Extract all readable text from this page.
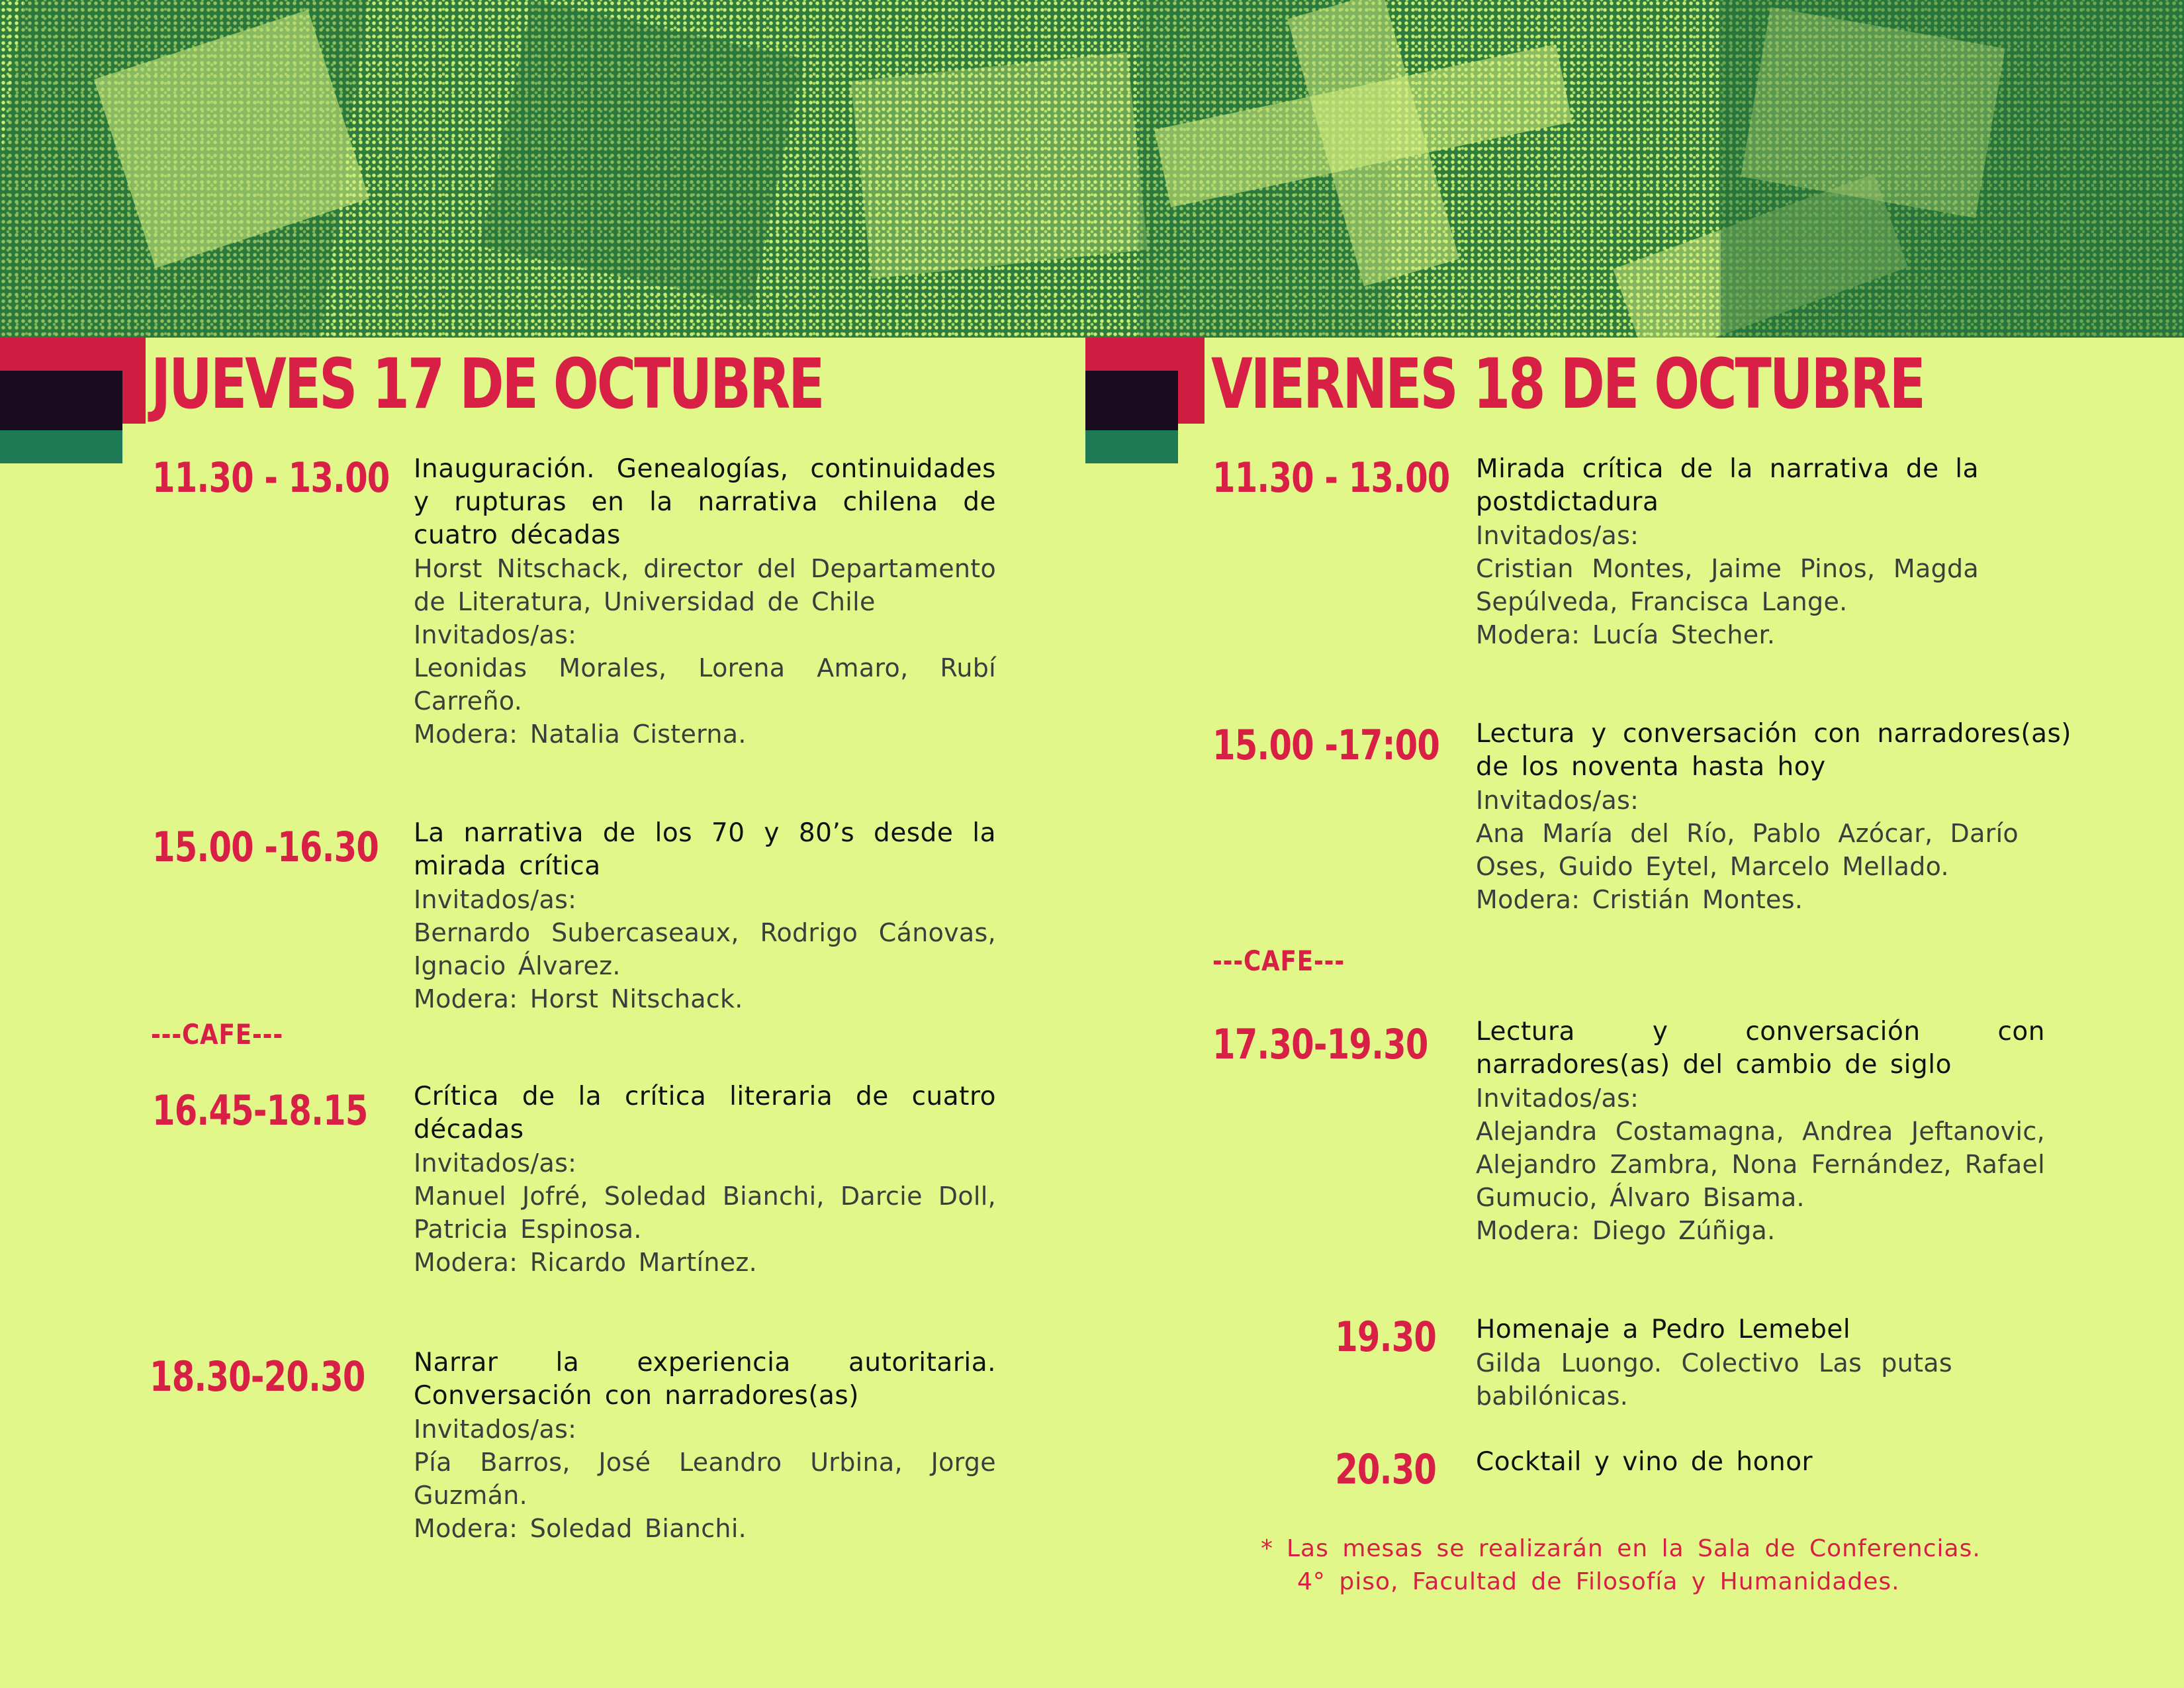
JUEVES 17 DE OCTUBRE	VIERNES 18 DE OCTUBRE
11.30 - 13.00 Inauguración. Genealogías, continuidades y rupturas en la narrativa chilena de cuatro décadas
Horst Nitschack, director del Departamento de Literatura, Universidad de Chile
Invitados/as:
Leonidas Morales, Lorena Amaro, Rubí Carreño.
Modera: Natalia Cisterna.
15.00 -16.30 La narrativa de los 70 y 80’s desde la mirada crítica
Invitados/as:
Bernardo Subercaseaux, Rodrigo Cánovas, Ignacio Álvarez.
Modera: Horst Nitschack.
---CAFE---
16.45-18.15 Crítica de la crítica literaria de cuatro décadas
Invitados/as:
Manuel Jofré, Soledad Bianchi, Darcie Doll, Patricia Espinosa.
Modera: Ricardo Martínez.
18.30-20.30 Narrar la experiencia autoritaria. Conversación con narradores(as)
Invitados/as:
Pía Barros, José Leandro Urbina, Jorge Guzmán.
Modera: Soledad Bianchi.
11.30 - 13.00 Mirada crítica de la narrativa de la postdictadura
Invitados/as:
Cristian Montes, Jaime Pinos, Magda Sepúlveda, Francisca Lange.
Modera: Lucía Stecher.
15.00 -17:00 Lectura y conversación con narradores(as) de los noventa hasta hoy
Invitados/as:
Ana María del Río, Pablo Azócar, Darío Oses, Guido Eytel, Marcelo Mellado.
Modera: Cristián Montes.
---CAFE---
17.30-19.30 Lectura y conversación con narradores(as) del cambio de siglo
Invitados/as:
Alejandra Costamagna, Andrea Jeftanovic, Alejandro Zambra, Nona Fernández, Rafael Gumucio, Álvaro Bisama.
Modera: Diego Zúñiga.
19.30 Homenaje a Pedro Lemebel
Gilda Luongo. Colectivo Las putas babilónicas.
20.30 Cocktail y vino de honor
* Las mesas se realizarán en la Sala de Conferencias.
4° piso, Facultad de Filosofía y Humanidades.
